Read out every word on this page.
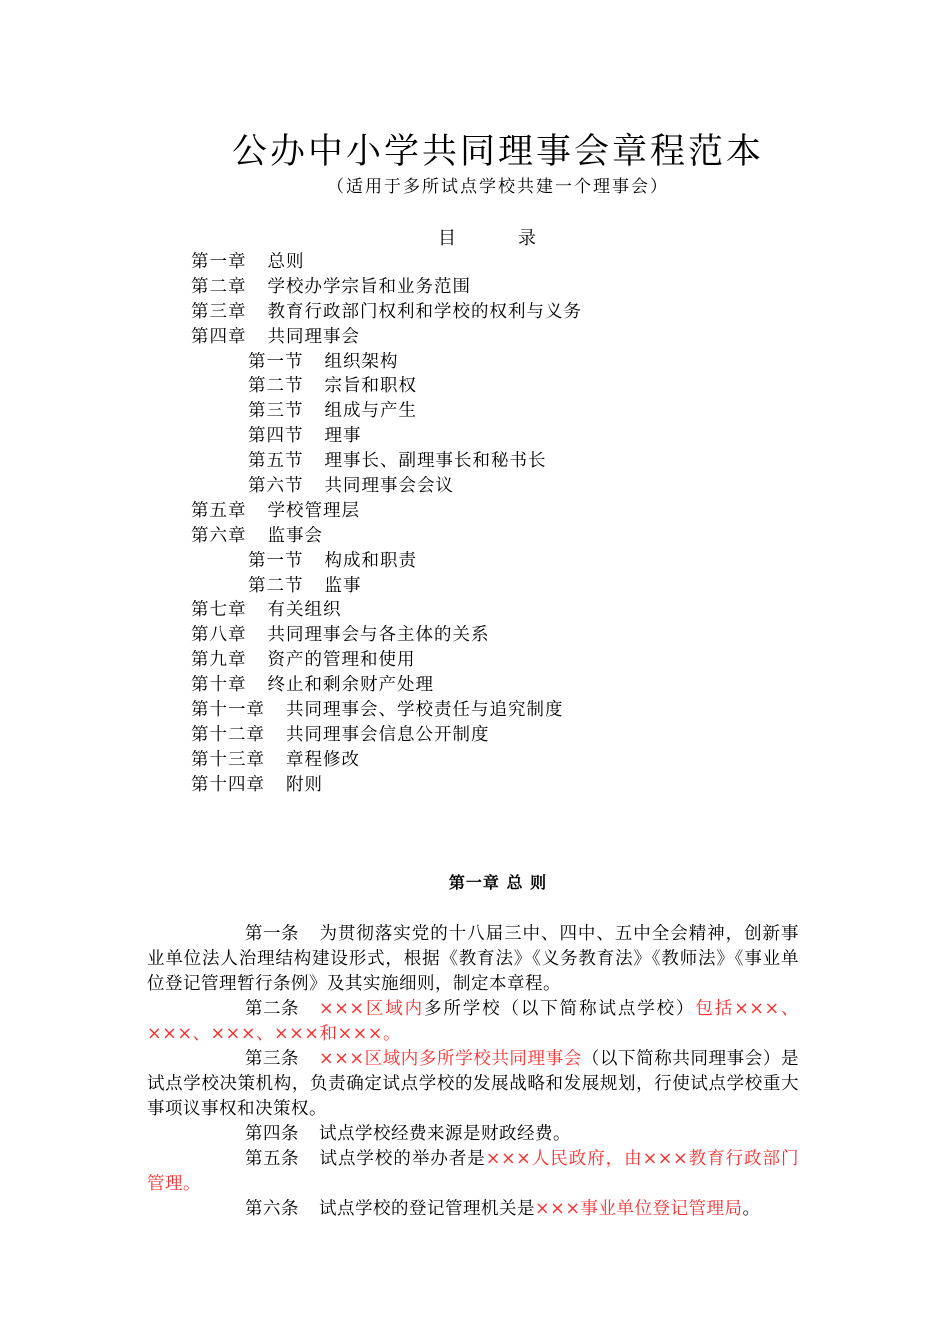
公办中小学共同理事会章程范本
（适用于多所试点学校共建一个理事会）
目　录
第一章 总则
第二章 学校办学宗旨和业务范围
第三章 教育行政部门权利和学校的权利与义务
第四章 共同理事会
第一节 组织架构
第二节 宗旨和职权
第三节 组成与产生
第四节 理事
第五节 理事长、副理事长和秘书长
第六节 共同理事会会议
第五章 学校管理层
第六章 监事会
第一节 构成和职责
第二节 监事
第七章 有关组织
第八章 共同理事会与各主体的关系
第九章 资产的管理和使用
第十章 终止和剩余财产处理
第十一章 共同理事会、学校责任与追究制度
第十二章 共同理事会信息公开制度
第十三章 章程修改
第十四章 附则
第一章 总 则

第一条 为贯彻落实党的十八届三中、四中、五中全会精神，创新事业单位法人治理结构建设形式，根据《教育法》《义务教育法》《教师法》《事业单位登记管理暂行条例》及其实施细则，制定本章程。

第二条 ×××区域内多所学校（以下简称试点学校）包括×××、×××、×××、×××和×××。

第三条 ×××区域内多所学校共同理事会（以下简称共同理事会）是试点学校决策机构，负责确定试点学校的发展战略和发展规划，行使试点学校重大事项议事权和决策权。

第四条 试点学校经费来源是财政经费。

第五条 试点学校的举办者是×××人民政府，由×××教育行政部门管理。

第六条 试点学校的登记管理机关是×××事业单位登记管理局。
